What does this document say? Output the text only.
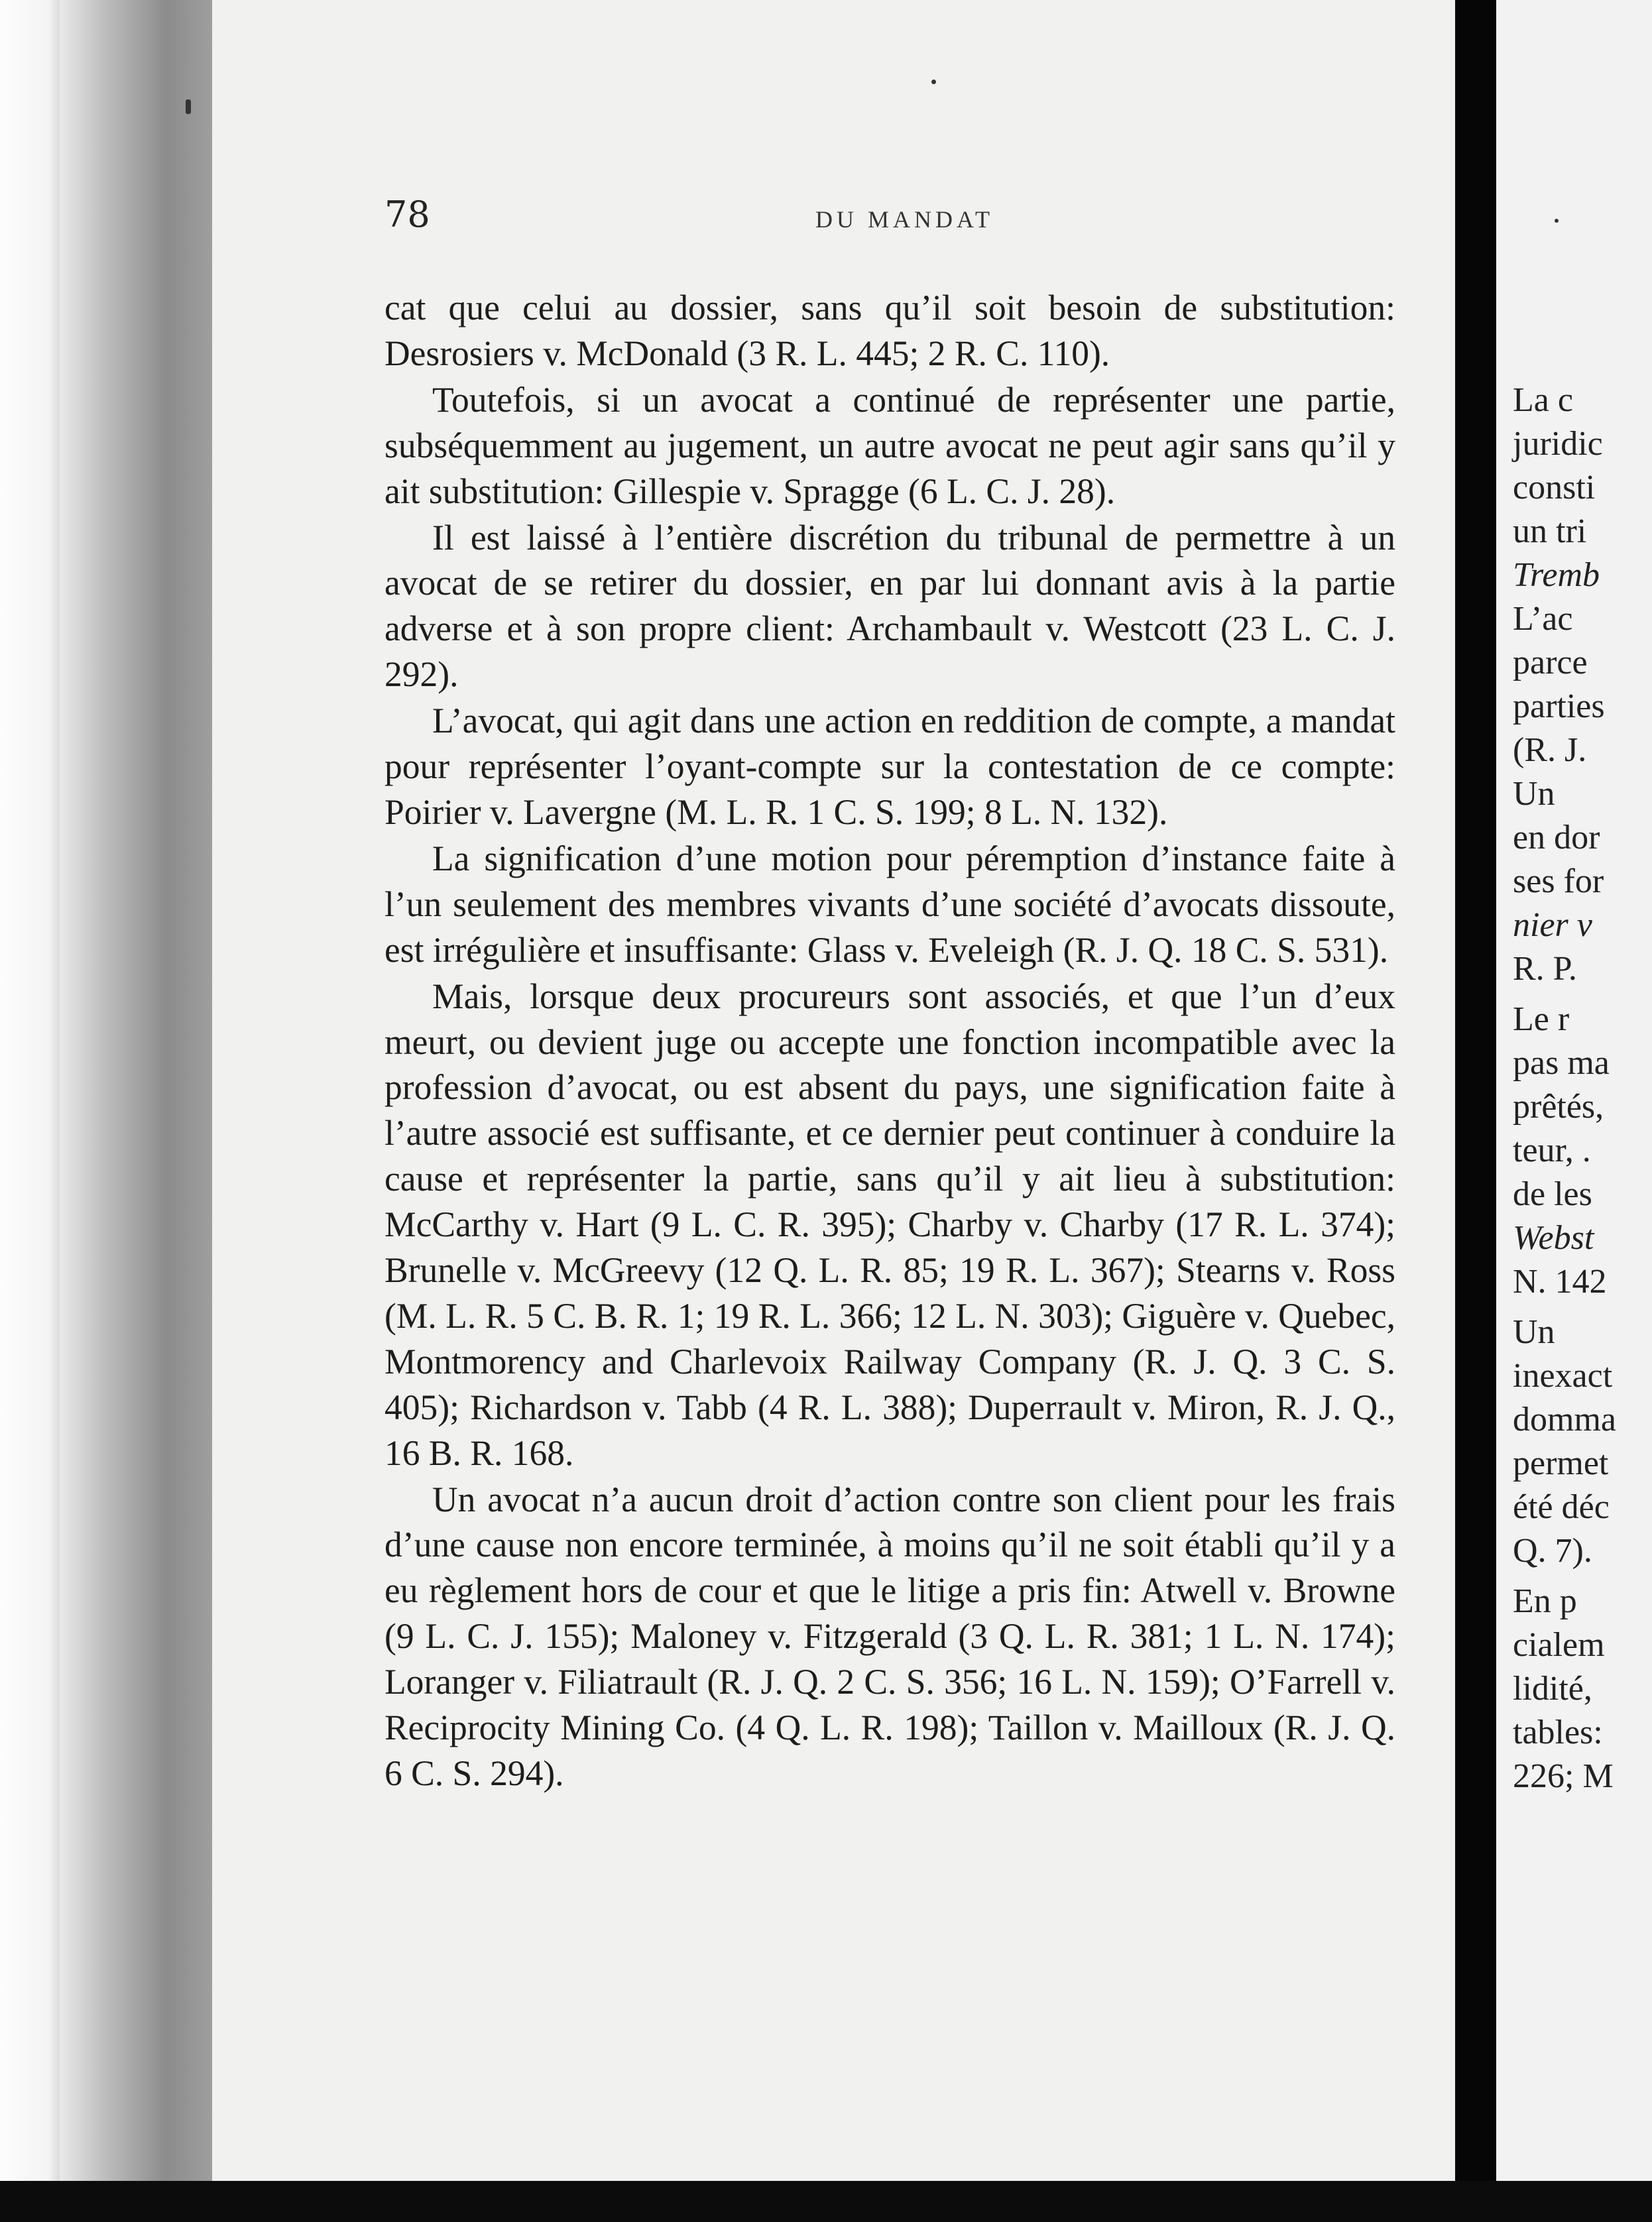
78	DU MANDAT

cat que celui au dossier, sans qu’il soit besoin de substitution: Desrosiers v. McDonald (3 R. L. 445; 2 R. C. 110).

Toutefois, si un avocat a continué de représenter une partie, subséquemment au jugement, un autre avocat ne peut agir sans qu’il y ait substitution: Gillespie v. Spragge (6 L. C. J. 28).

Il est laissé à l’entière discrétion du tribunal de permettre à un avocat de se retirer du dossier, en par lui donnant avis à la partie adverse et à son propre client: Archambault v. Westcott (23 L. C. J. 292).

L’avocat, qui agit dans une action en reddition de compte, a mandat pour représenter l’oyant-compte sur la contestation de ce compte: Poirier v. Lavergne (M. L. R. 1 C. S. 199; 8 L. N. 132).

La signification d’une motion pour péremption d’instance faite à l’un seulement des membres vivants d’une société d’avocats dissoute, est irrégulière et insuffisante: Glass v. Eveleigh (R. J. Q. 18 C. S. 531).

Mais, lorsque deux procureurs sont associés, et que l’un d’eux meurt, ou devient juge ou accepte une fonction incompatible avec la profession d’avocat, ou est absent du pays, une signification faite à l’autre associé est suffisante, et ce dernier peut continuer à conduire la cause et représenter la partie, sans qu’il y ait lieu à substitution: McCarthy v. Hart (9 L. C. R. 395); Charby v. Charby (17 R. L. 374); Brunelle v. McGreevy (12 Q. L. R. 85; 19 R. L. 367); Stearns v. Ross (M. L. R. 5 C. B. R. 1; 19 R. L. 366; 12 L. N. 303); Giguère v. Quebec, Montmorency and Charlevoix Railway Company (R. J. Q. 3 C. S. 405); Richardson v. Tabb (4 R. L. 388); Duperrault v. Miron, R. J. Q., 16 B. R. 168.

Un avocat n’a aucun droit d’action contre son client pour les frais d’une cause non encore terminée, à moins qu’il ne soit établi qu’il y a eu règlement hors de cour et que le litige a pris fin: Atwell v. Browne (9 L. C. J. 155); Maloney v. Fitzgerald (3 Q. L. R. 381; 1 L. N. 174); Loranger v. Filiatrault (R. J. Q. 2 C. S. 356; 16 L. N. 159); O’Farrell v. Reciprocity Mining Co. (4 Q. L. R. 198); Taillon v. Mailloux (R. J. Q. 6 C. S. 294).

La c
juridic
consti
un tri
Tremb
L’ac
parce
parties
(R. J.
Un
en dor
ses for
nier v
R. P.
Le r
pas ma
prêtés,
teur, .
de les
Webst
N. 142
Un
inexact
domma
permet
été déc
Q. 7).
En p
cialem
lidité,
tables:
226; M
